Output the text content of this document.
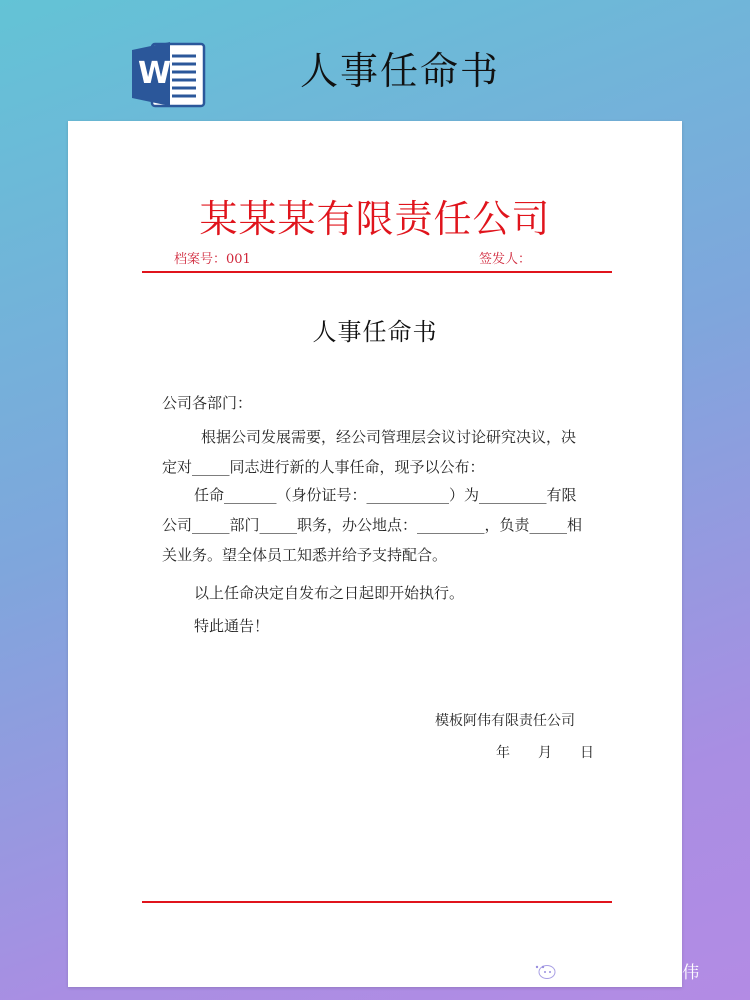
W	人事任命书
某某某有限责任公司
档案号：001	签发人：
人事任命书
公司各部门：
根据公司发展需要，经公司管理层会议讨论研究决议，决
定对_____同志进行新的人事任命，现予以公布：
任命_______（身份证号：___________）为_________有限
公司_____部门_____职务，办公地点：_________，负责_____相
关业务。望全体员工知悉并给予支持配合。
以上任命决定自发布之日起即开始执行。
特此通告！
模板阿伟有限责任公司
年　　月　　日
公众号 · 模板阿伟
